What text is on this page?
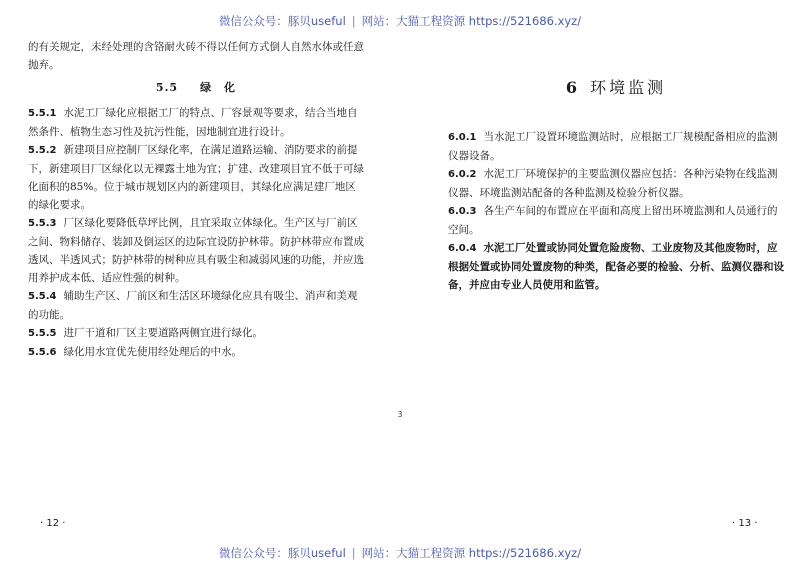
微信公众号：豚贝useful | 网站：大猫工程资源 https://521686.xyz/
微信公众号：豚贝useful | 网站：大猫工程资源 https://521686.xyz/
的有关规定，未经处理的含铬耐火砖不得以任何方式倒人自然水体或任意抛弃。
5.5 绿　化

5.5.1 水泥工厂绿化应根据工厂的特点、厂容景观等要求，结合当地自然条件、植物生态习性及抗污性能，因地制宜进行设计。

5.5.2 新建项目应控制厂区绿化率，在满足道路运输、消防要求的前提下，新建项目厂区绿化以无裸露土地为宜；扩建、改建项目宜不低于可绿化面积的85%。位于城市规划区内的新建项目，其绿化应满足建厂地区的绿化要求。

5.5.3 厂区绿化要降低草坪比例，且宜采取立体绿化。生产区与厂前区之间、物料储存、装卸及倒运区的边际宜设防护林带。防护林带应布置成透风、半透风式；防护林带的树种应具有吸尘和减弱风速的功能，并应选用养护成本低、适应性强的树种。

5.5.4 辅助生产区、厂前区和生活区环境绿化应具有吸尘、消声和美观的功能。

5.5.5 进厂干道和厂区主要道路两侧宜进行绿化。

5.5.6 绿化用水宜优先使用经处理后的中水。

· 12 ·
3
6 环境监测

6.0.1 当水泥工厂设置环境监测站时，应根据工厂规模配备相应的监测仪器设备。

6.0.2 水泥工厂环境保护的主要监测仪器应包括：各种污染物在线监测仪器、环境监测站配备的各种监测及检验分析仪器。

6.0.3 各生产车间的布置应在平面和高度上留出环境监测和人员通行的空间。

6.0.4 水泥工厂处置或协同处置危险废物、工业废物及其他废物时，应根据处置或协同处置废物的种类，配备必要的检验、分析、监测仪器和设备，并应由专业人员使用和监管。

· 13 ·
